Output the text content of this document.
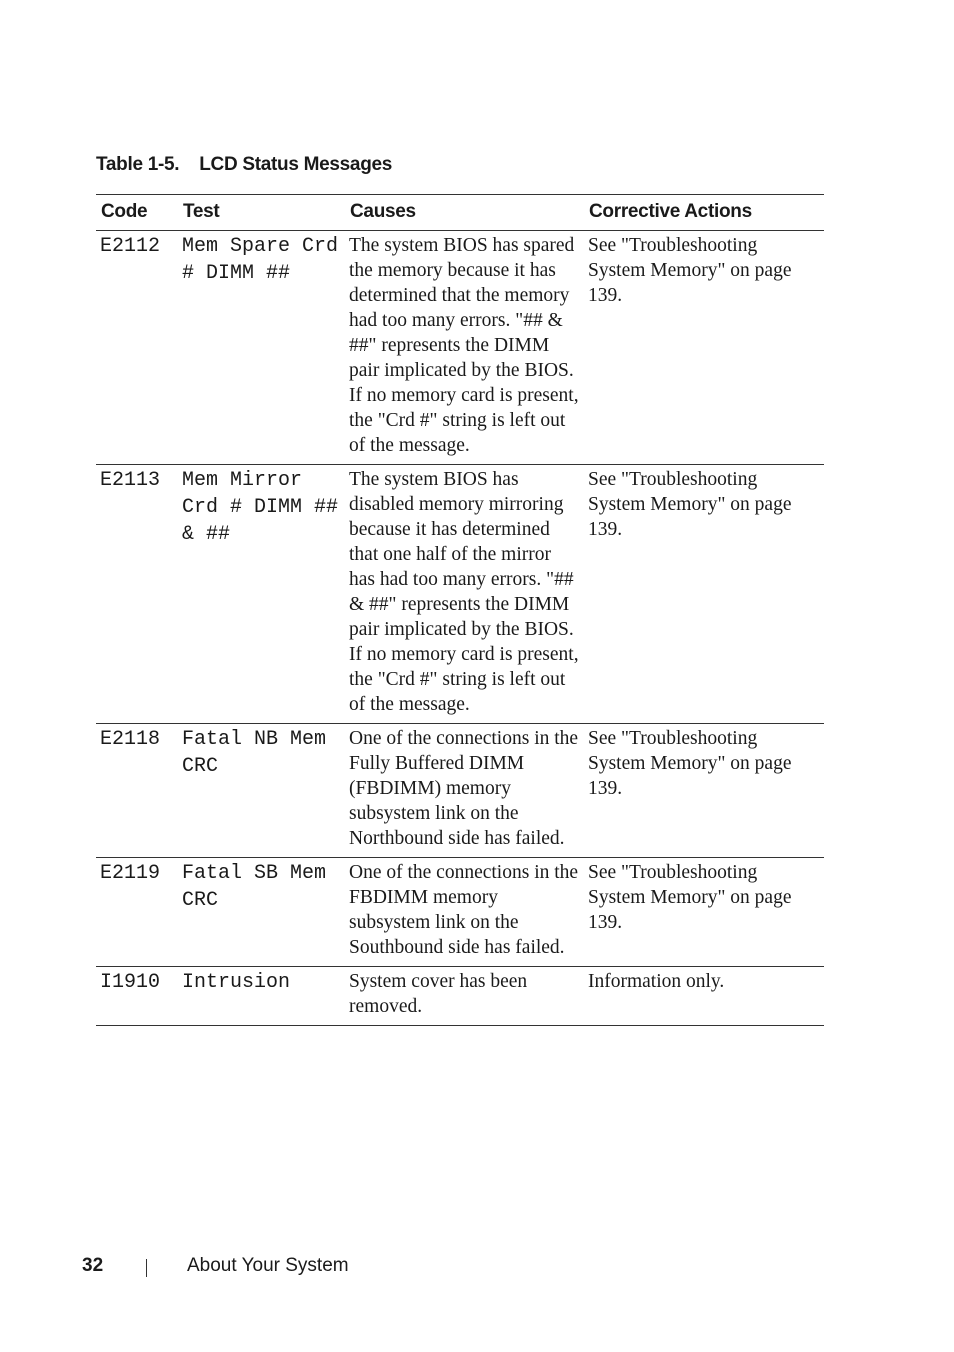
Table 1-5. LCD Status Messages
Code	Test	Causes	Corrective Actions
E2112	Mem Spare Crd # DIMM ##	The system BIOS has spared the memory because it has determined that the memory had too many errors. "## & ##" represents the DIMM pair implicated by the BIOS. If no memory card is present, the "Crd #" string is left out of the message.	See "Troubleshooting System Memory" on page 139.
E2113	Mem Mirror Crd # DIMM ## & ##	The system BIOS has disabled memory mirroring because it has determined that one half of the mirror has had too many errors. "## & ##" represents the DIMM pair implicated by the BIOS. If no memory card is present, the "Crd #" string is left out of the message.	See "Troubleshooting System Memory" on page 139.
E2118	Fatal NB Mem CRC	One of the connections in the Fully Buffered DIMM (FBDIMM) memory subsystem link on the Northbound side has failed.	See "Troubleshooting System Memory" on page 139.
E2119	Fatal SB Mem CRC	One of the connections in the FBDIMM memory subsystem link on the Southbound side has failed.	See "Troubleshooting System Memory" on page 139.
I1910	Intrusion	System cover has been removed.	Information only.
32	About Your System
